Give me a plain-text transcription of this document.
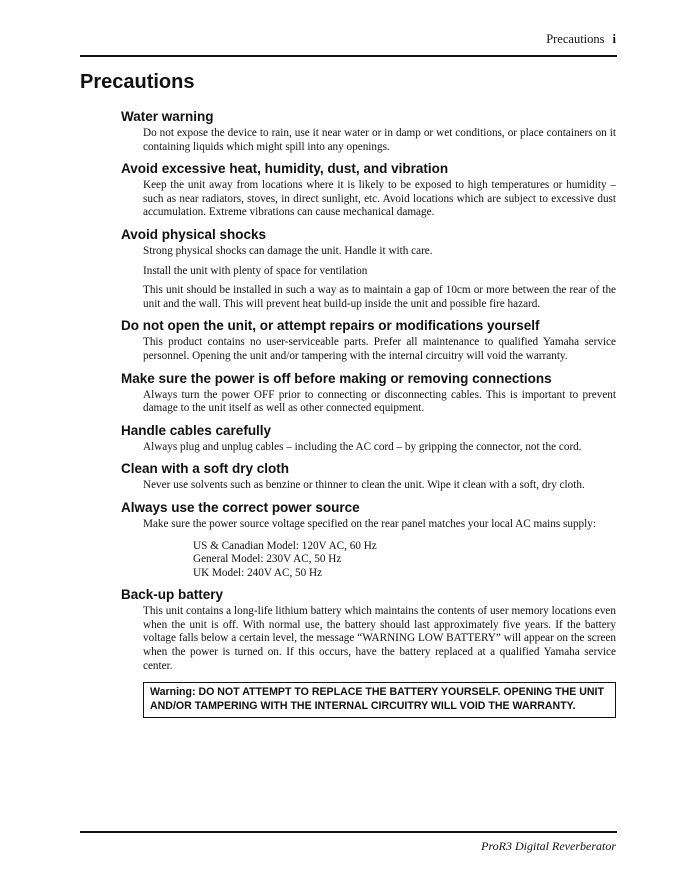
Precautions i
Precautions
Water warning

Do not expose the device to rain, use it near water or in damp or wet conditions, or place containers on it containing liquids which might spill into any openings.

Avoid excessive heat, humidity, dust, and vibration

Keep the unit away from locations where it is likely to be exposed to high temperatures or humidity – such as near radiators, stoves, in direct sunlight, etc. Avoid locations which are subject to excessive dust accumulation. Extreme vibrations can cause mechanical damage.

Avoid physical shocks

Strong physical shocks can damage the unit. Handle it with care.

Install the unit with plenty of space for ventilation

This unit should be installed in such a way as to maintain a gap of 10cm or more between the rear of the unit and the wall. This will prevent heat build-up inside the unit and possible fire hazard.

Do not open the unit, or attempt repairs or modifications yourself

This product contains no user-serviceable parts. Prefer all maintenance to qualified Yamaha service personnel. Opening the unit and/or tampering with the internal circuitry will void the warranty.

Make sure the power is off before making or removing connections

Always turn the power OFF prior to connecting or disconnecting cables. This is important to prevent damage to the unit itself as well as other connected equipment.

Handle cables carefully

Always plug and unplug cables – including the AC cord – by gripping the connector, not the cord.

Clean with a soft dry cloth

Never use solvents such as benzine or thinner to clean the unit. Wipe it clean with a soft, dry cloth.

Always use the correct power source

Make sure the power source voltage specified on the rear panel matches your local AC mains supply:

US & Canadian Model: 120V AC, 60 Hz
General Model: 230V AC, 50 Hz
UK Model: 240V AC, 50 Hz
Back-up battery

This unit contains a long-life lithium battery which maintains the contents of user memory locations even when the unit is off. With normal use, the battery should last approximately five years. If the battery voltage falls below a certain level, the message “WARNING LOW BATTERY” will appear on the screen when the power is turned on. If this occurs, have the battery replaced at a qualified Yamaha service center.

Warning: DO NOT ATTEMPT TO REPLACE THE BATTERY YOURSELF. OPENING THE UNIT AND/OR TAMPERING WITH THE INTERNAL CIRCUITRY WILL VOID THE WARRANTY.
ProR3 Digital Reverberator
